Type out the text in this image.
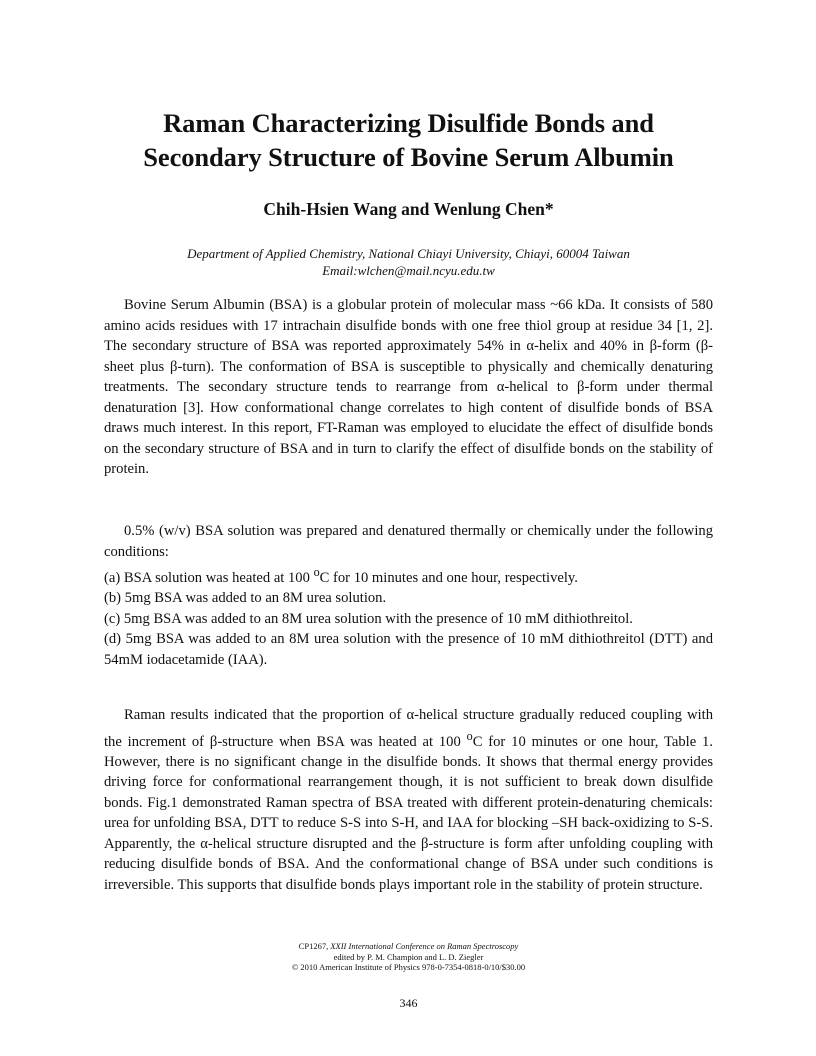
Raman Characterizing Disulfide Bonds and
Secondary Structure of Bovine Serum Albumin
Chih-Hsien Wang and Wenlung Chen*
Department of Applied Chemistry, National Chiayi University, Chiayi, 60004 Taiwan
Email:wlchen@mail.ncyu.edu.tw

Bovine Serum Albumin (BSA) is a globular protein of molecular mass ~66 kDa. It consists of 580 amino acids residues with 17 intrachain disulfide bonds with one free thiol group at residue 34 [1, 2]. The secondary structure of BSA was reported approximately 54% in α-helix and 40% in β-form (β-sheet plus β-turn). The conformation of BSA is susceptible to physically and chemically denaturing treatments. The secondary structure tends to rearrange from α-helical to β-form under thermal denaturation [3]. How conformational change correlates to high content of disulfide bonds of BSA draws much interest. In this report, FT-Raman was employed to elucidate the effect of disulfide bonds on the secondary structure of BSA and in turn to clarify the effect of disulfide bonds on the stability of protein.

0.5% (w/v) BSA solution was prepared and denatured thermally or chemically under the following conditions:

(a) BSA solution was heated at 100 $^o$C for 10 minutes and one hour, respectively.

(b) 5mg BSA was added to an 8M urea solution.

(c) 5mg BSA was added to an 8M urea solution with the presence of 10 mM dithiothreitol.

(d) 5mg BSA was added to an 8M urea solution with the presence of 10 mM dithiothreitol (DTT) and 54mM iodacetamide (IAA).

Raman results indicated that the proportion of α-helical structure gradually reduced coupling with the increment of β-structure when BSA was heated at 100 $^o$C for 10 minutes or one hour, Table 1. However, there is no significant change in the disulfide bonds. It shows that thermal energy provides driving force for conformational rearrangement though, it is not sufficient to break down disulfide bonds. Fig.1 demonstrated Raman spectra of BSA treated with different protein-denaturing chemicals: urea for unfolding BSA, DTT to reduce S-S into S-H, and IAA for blocking –SH back-oxidizing to S-S. Apparently, the α-helical structure disrupted and the β-structure is form after unfolding coupling with reducing disulfide bonds of BSA. And the conformational change of BSA under such conditions is irreversible. This supports that disulfide bonds plays important role in the stability of protein structure.

CP1267, XXII International Conference on Raman Spectroscopy
edited by P. M. Champion and L. D. Ziegler
© 2010 American Institute of Physics 978-0-7354-0818-0/10/$30.00
346
